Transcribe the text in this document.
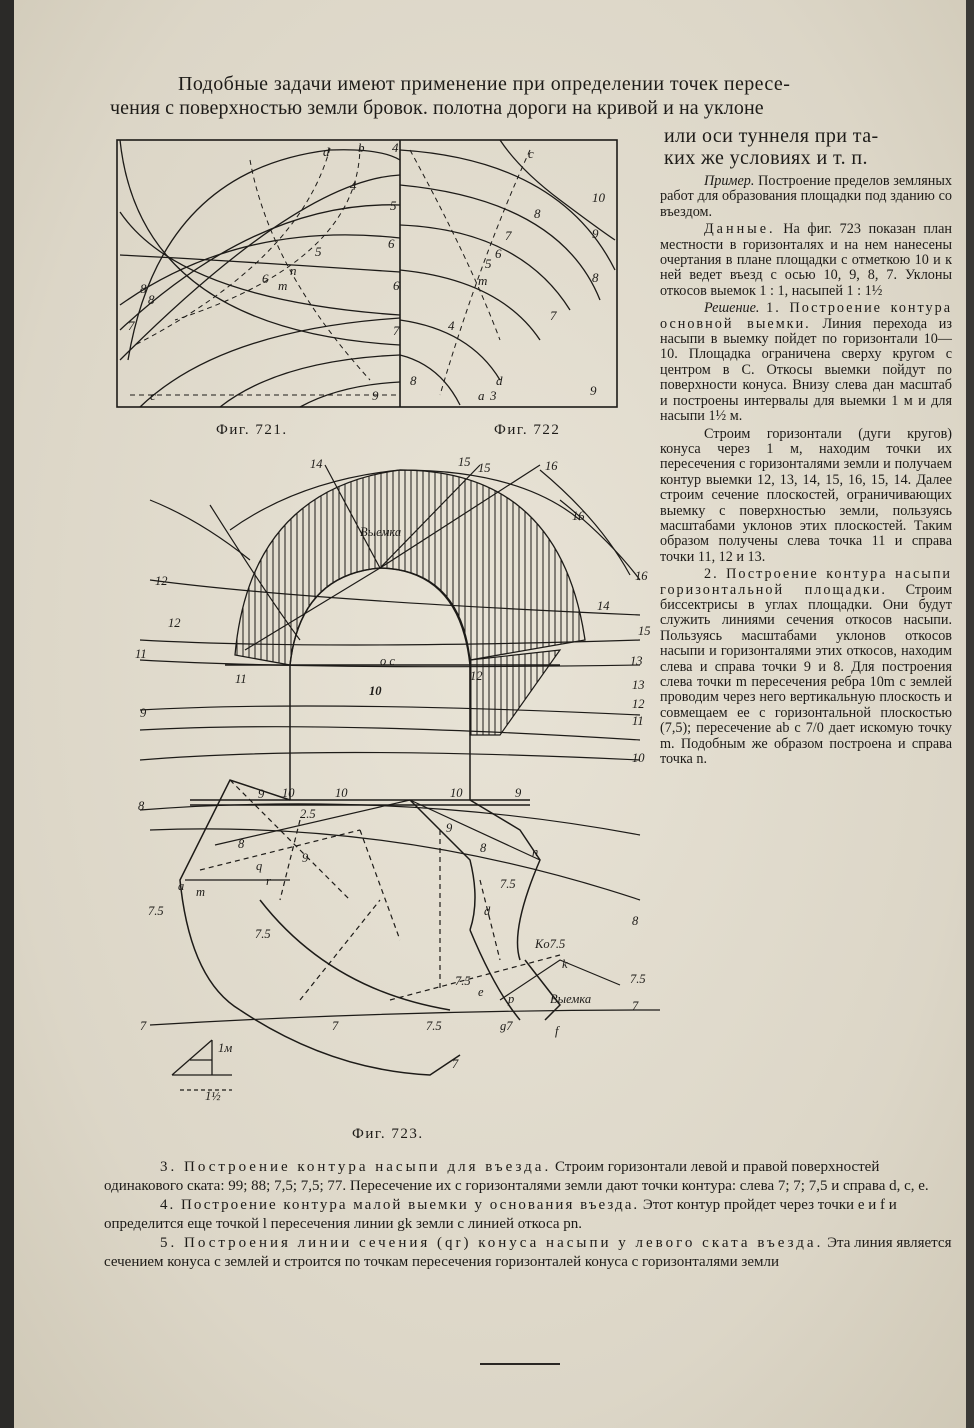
Подобные задачи имеют применение при определении точек пересе-
чения с поверхностью земли бровок. полотна дороги на кривой и на уклоне
или оси туннеля при та-
ких же условиях и т. п.
d b 4
4
5
6
5
6
n
6 m
7
8
7
8
9
c
c
10
9
8
7
8
6
5
m
7
4
8	d
9
a 3
Фиг. 721.	Фиг. 722
14	15 15	16
16
16
15
14
13
13
12
11
10
12
12
11
9
8
7
8
7.5
7
Выемка
o c
10
12
11
10	10	10
9	9
9
9
8	8
2.5
n
q
r
m
a
7.5
7.5
7.5
7.5
7.5
d
k
Ko7.5
p
f
g7
e	Выемка
7
7
1м
1½
Фиг. 723.

Пример. Построение пределов земляных работ для образования площадки под зданию со въездом.

Данные. На фиг. 723 показан план местности в горизонталях и на нем нанесены очертания в плане площадки с отметкою 10 и к ней ведет въезд с осью 10, 9, 8, 7. Уклоны откосов выемок 1 : 1, насыпей 1 : 1½

Решение. 1. Построение контура основной выемки. Линия перехода из насыпи в выемку пойдет по горизонтали 10—10. Площадка ограничена сверху кругом с центром в C. Откосы выемки пойдут по поверхности конуса. Внизу слева дан масштаб и построены интервалы для выемки 1 м и для насыпи 1½ м.

Строим горизонтали (дуги кругов) конуса через 1 м, находим точки их пересечения с горизонталями земли и получаем контур выемки 12, 13, 14, 15, 16, 15, 14. Далее строим сечение плоскостей, ограничивающих выемку с поверхностью земли, пользуясь масштабами уклонов этих плоскостей. Таким образом получены слева точка 11 и справа точки 11, 12 и 13.

2. Построение контура насыпи горизонтальной площадки. Строим биссектрисы в углах площадки. Они будут служить линиями сечения откосов насыпи. Пользуясь масштабами уклонов откосов насыпи и горизонталями этих откосов, находим слева и справа точки 9 и 8. Для построения слева точки m пересечения ребра 10m с землей проводим через него вертикальную плоскость и совмещаем ее с горизонтальной плоскостью (7,5); пересечение ab с 7/0 дает искомую точку m. Подобным же образом построена и справа точка n.

3. Построение контура насыпи для въезда. Строим горизонтали левой и правой поверхностей одинакового ската: 99; 88; 7,5; 7,5; 77. Пересечение их с горизонталями земли дают точки контура: слева 7; 7; 7,5 и справа d, c, e.

4. Построение контура малой выемки у основания въезда. Этот контур пройдет через точки e и f и определится еще точкой l пересечения линии gk земли с линией откоса pn.

5. Построения линии сечения (qr) конуса насыпи у левого ската въезда. Эта линия является сечением конуса с землей и строится по точкам пересечения горизонталей конуса с горизонталями земли
